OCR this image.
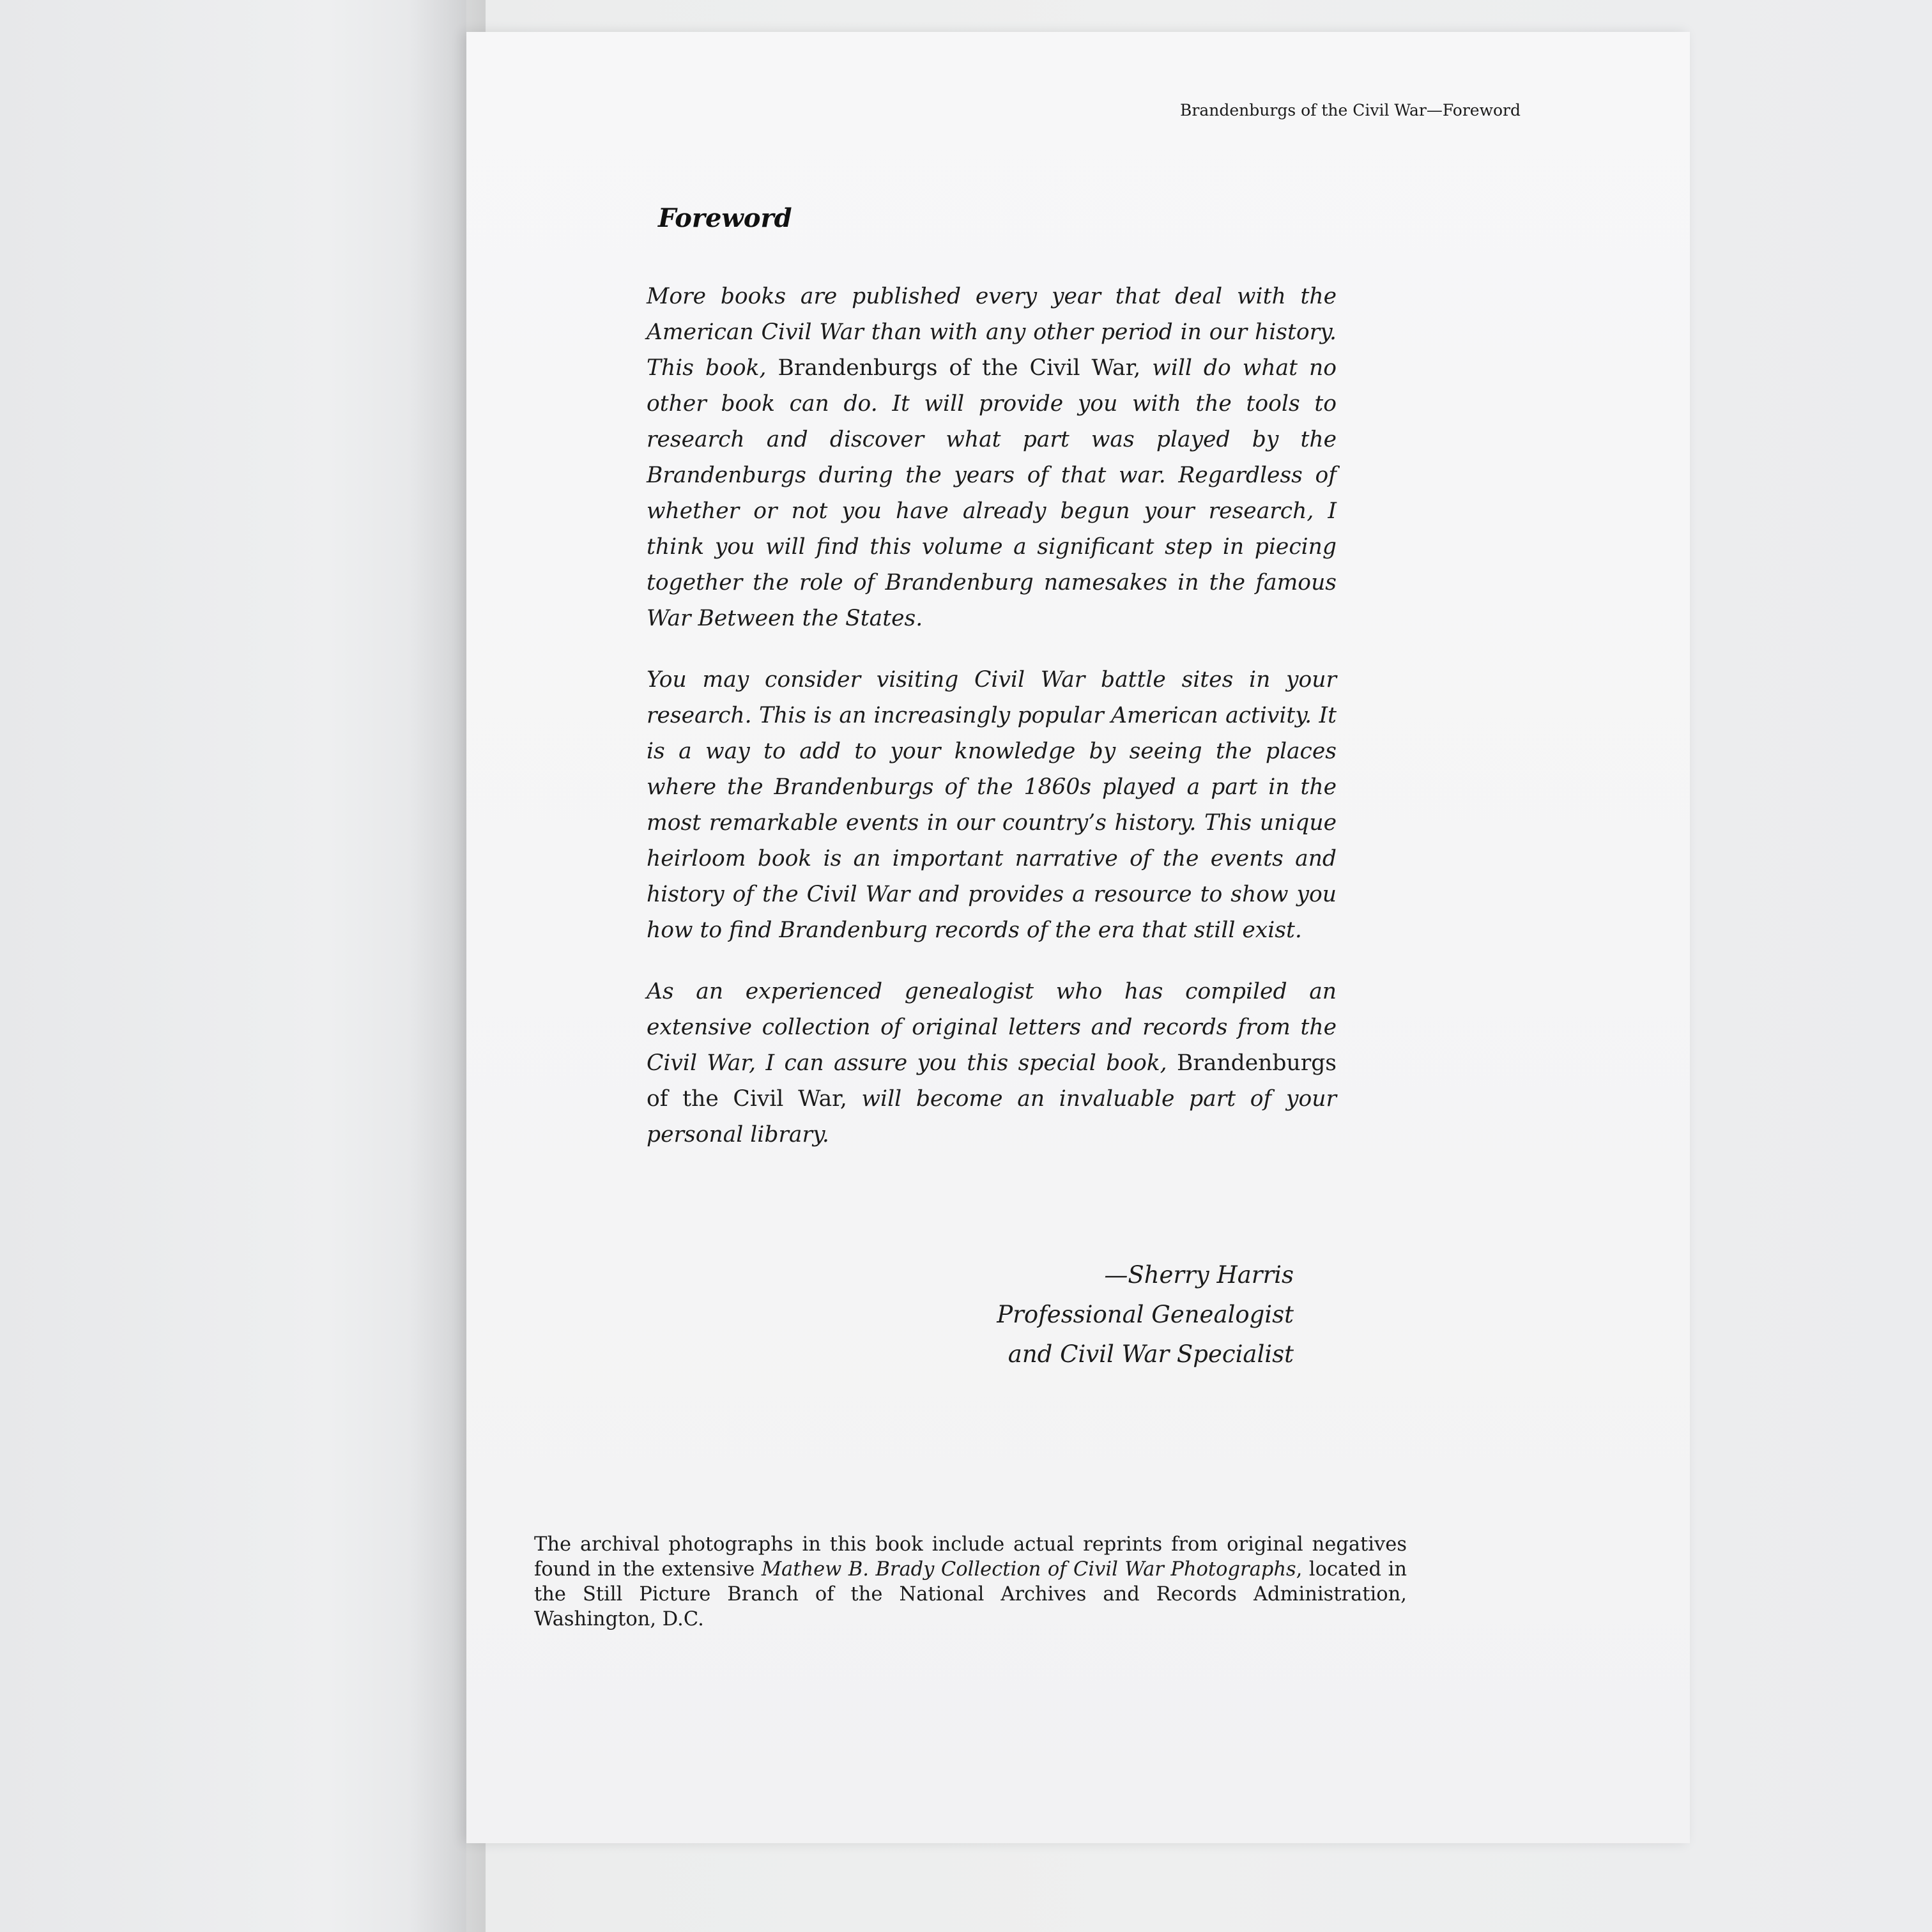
Brandenburgs of the Civil War—Foreword
Foreword

More books are published every year that deal with the American Civil War than with any other period in our history. This book, Brandenburgs of the Civil War, will do what no other book can do. It will provide you with the tools to research and discover what part was played by the Brandenburgs during the years of that war. Regardless of whether or not you have already begun your research, I think you will find this volume a significant step in piecing together the role of Brandenburg namesakes in the famous War Between the States.

You may consider visiting Civil War battle sites in your research. This is an increasingly popular American activity. It is a way to add to your knowledge by seeing the places where the Brandenburgs of the 1860s played a part in the most remarkable events in our country’s history. This unique heirloom book is an important narrative of the events and history of the Civil War and provides a resource to show you how to find Brandenburg records of the era that still exist.

As an experienced genealogist who has compiled an extensive collection of original letters and records from the Civil War, I can assure you this special book, Brandenburgs of the Civil War, will become an invaluable part of your personal library.

—Sherry Harris
Professional Genealogist
and Civil War Specialist

The archival photographs in this book include actual reprints from original negatives found in the extensive Mathew B. Brady Collection of Civil War Photographs, located in the Still Picture Branch of the National Archives and Records Administration, Washington, D.C.
